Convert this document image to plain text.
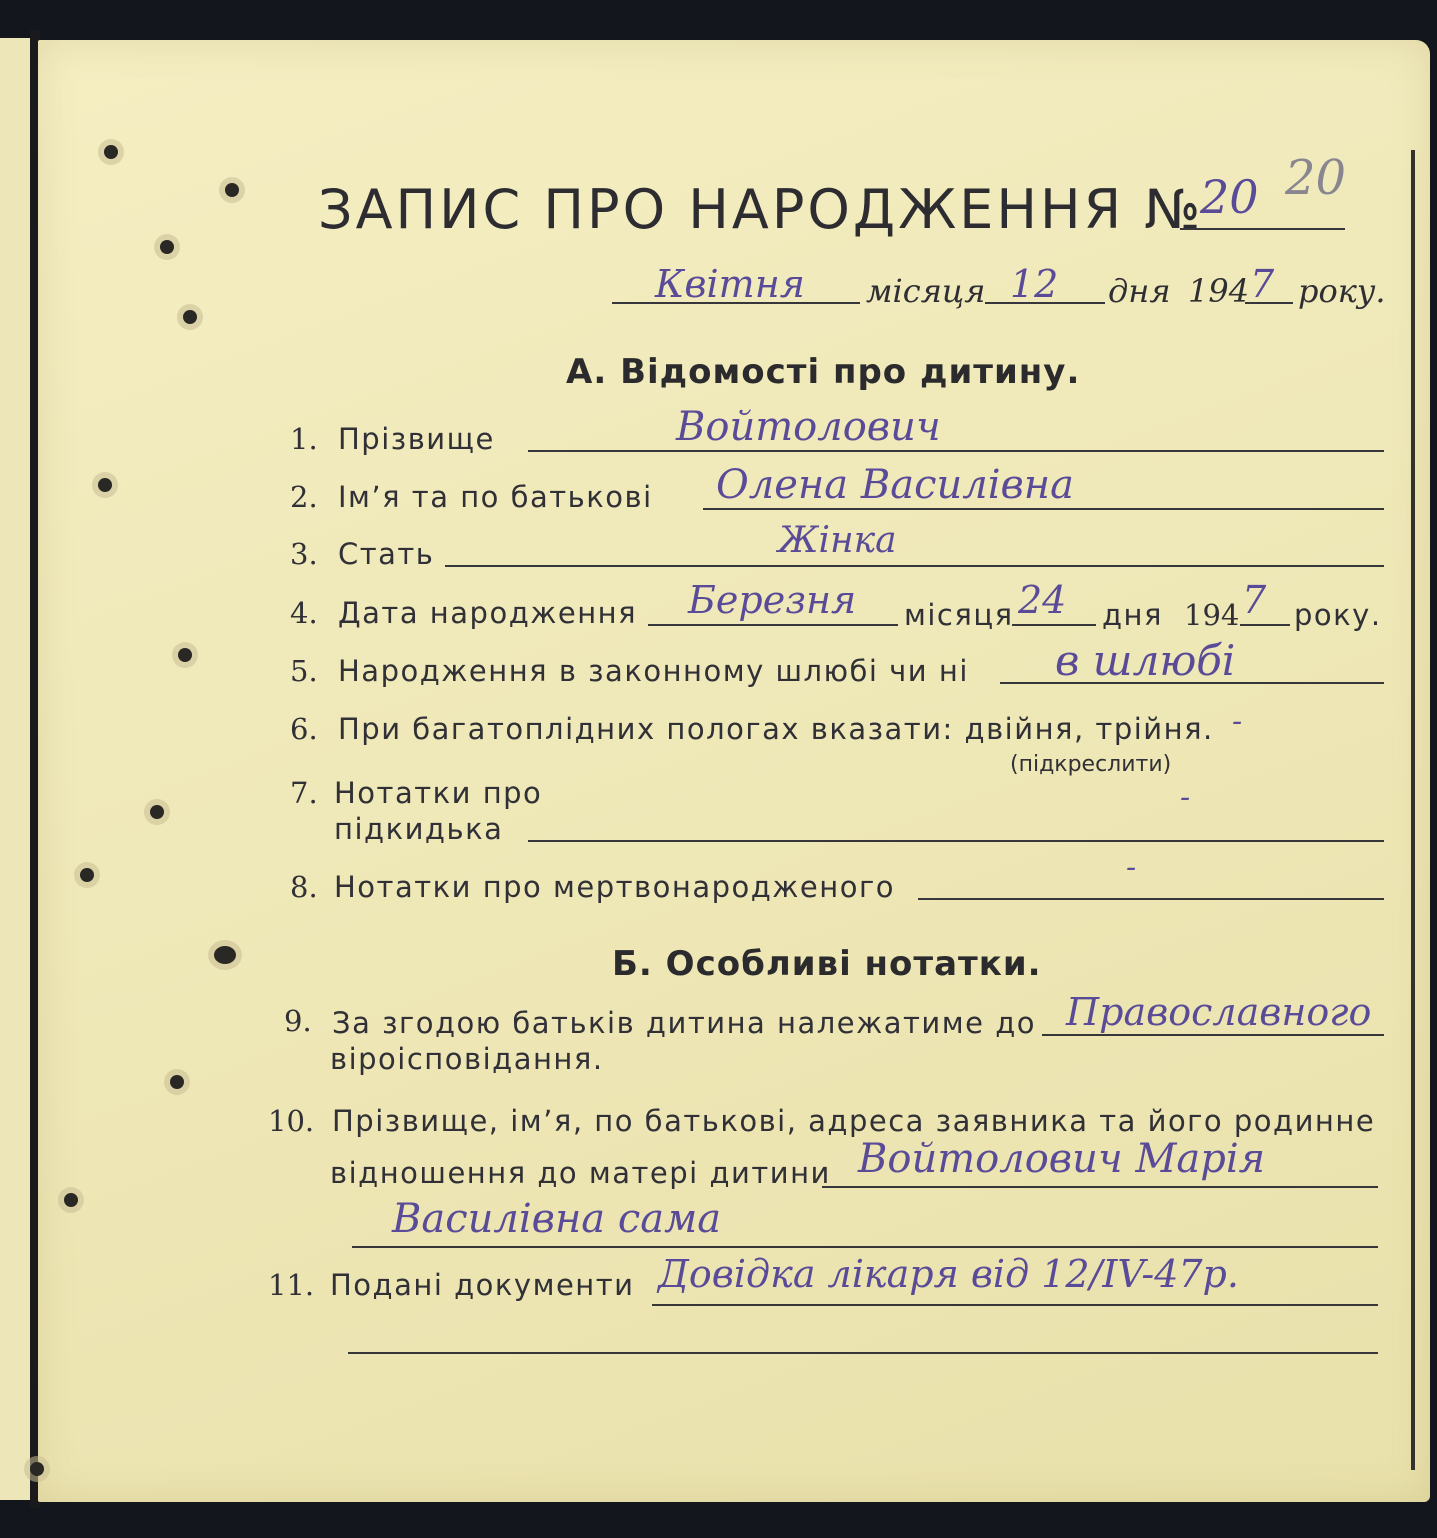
ЗАПИС ПРО НАРОДЖЕННЯ №
20 20
Квітня місяця 12 дня 194 7 року.
А. Відомості про дитину.
1. Прізвище	Войтолович
2. Ім’я та по батькові Олена Василівна
3. Стать	Жінка
4. Дата народження Березня місяця 24 дня 194 7 року.
5. Народження в законному шлюбі чи ні в шлюбі
6. При багатоплідних пологах вказати: двійня, трійня.
(підкреслити)
-
7. Нотатки про
підкидька
-
8. Нотатки про мертвонародженого
-
Б. Особливі нотатки.
9. За згодою батьків дитина належатиме до
віроісповідання.
Православного
10. Прізвище, ім’я, по батькові, адреса заявника та його родинне
відношення до матері дитини Войтолович Марія
Василівна сама
11. Подані документи Довідка лікаря від 12/IV-47р.
